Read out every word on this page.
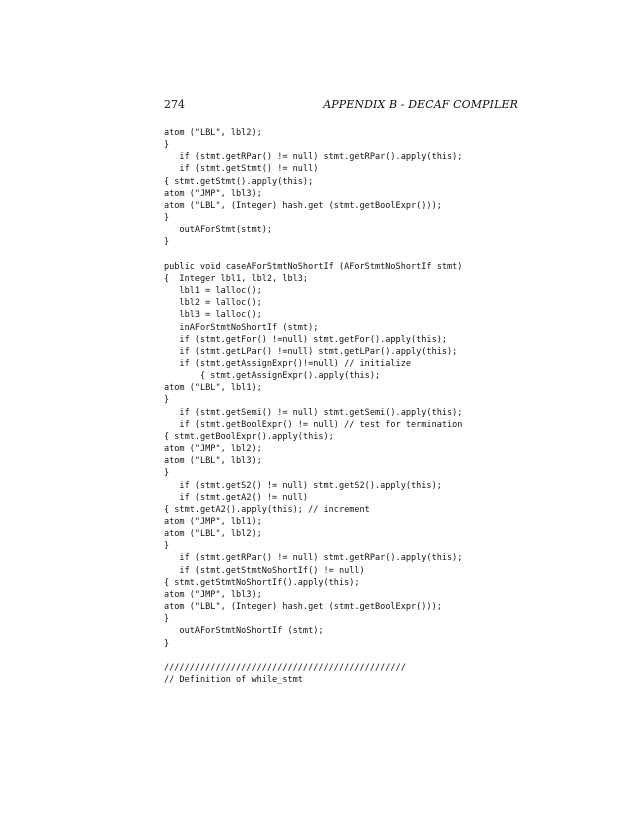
274	APPENDIX B - DECAF COMPILER
atom ("LBL", lbl2);
}
if (stmt.getRPar() != null) stmt.getRPar().apply(this);
if (stmt.getStmt() != null)
{ stmt.getStmt().apply(this);
atom ("JMP", lbl3);
atom ("LBL", (Integer) hash.get (stmt.getBoolExpr()));
}
outAForStmt(stmt);
}
public void caseAForStmtNoShortIf (AForStmtNoShortIf stmt)
{  Integer lbl1, lbl2, lbl3;
lbl1 = lalloc();
lbl2 = lalloc();
lbl3 = lalloc();
inAForStmtNoShortIf (stmt);
if (stmt.getFor() !=null) stmt.getFor().apply(this);
if (stmt.getLPar() !=null) stmt.getLPar().apply(this);
if (stmt.getAssignExpr()!=null) // initialize
{ stmt.getAssignExpr().apply(this);
atom ("LBL", lbl1);
}
if (stmt.getSemi() != null) stmt.getSemi().apply(this);
if (stmt.getBoolExpr() != null) // test for termination
{ stmt.getBoolExpr().apply(this);
atom ("JMP", lbl2);
atom ("LBL", lbl3);
}
if (stmt.getS2() != null) stmt.getS2().apply(this);
if (stmt.getA2() != null)
{ stmt.getA2().apply(this); // increment
atom ("JMP", lbl1);
atom ("LBL", lbl2);
}
if (stmt.getRPar() != null) stmt.getRPar().apply(this);
if (stmt.getStmtNoShortIf() != null)
{ stmt.getStmtNoShortIf().apply(this);
atom ("JMP", lbl3);
atom ("LBL", (Integer) hash.get (stmt.getBoolExpr()));
}
outAForStmtNoShortIf (stmt);
}
///////////////////////////////////////////////
// Definition of while_stmt
